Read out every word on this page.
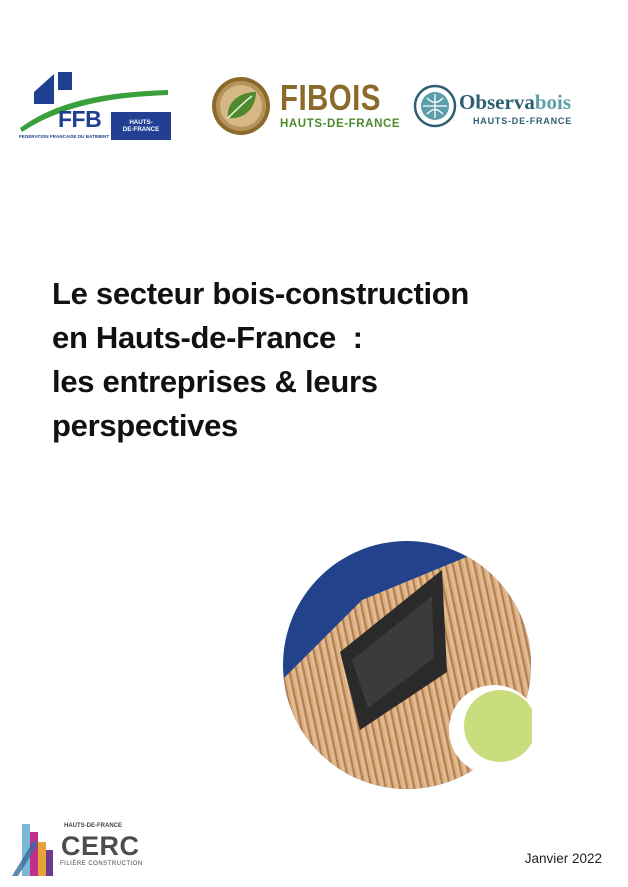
FFB
FEDERATION FRANCAISE DU BATIMENT
HAUTS-
DE-FRANCE
FIBOIS
HAUTS-DE-FRANCE
Observabois
HAUTS-DE-FRANCE
Le secteur bois-construction
en Hauts-de-France  :
les entreprises & leurs
perspectives
HAUTS-DE-FRANCE
CERC
FILIÈRE CONSTRUCTION	Janvier 2022
